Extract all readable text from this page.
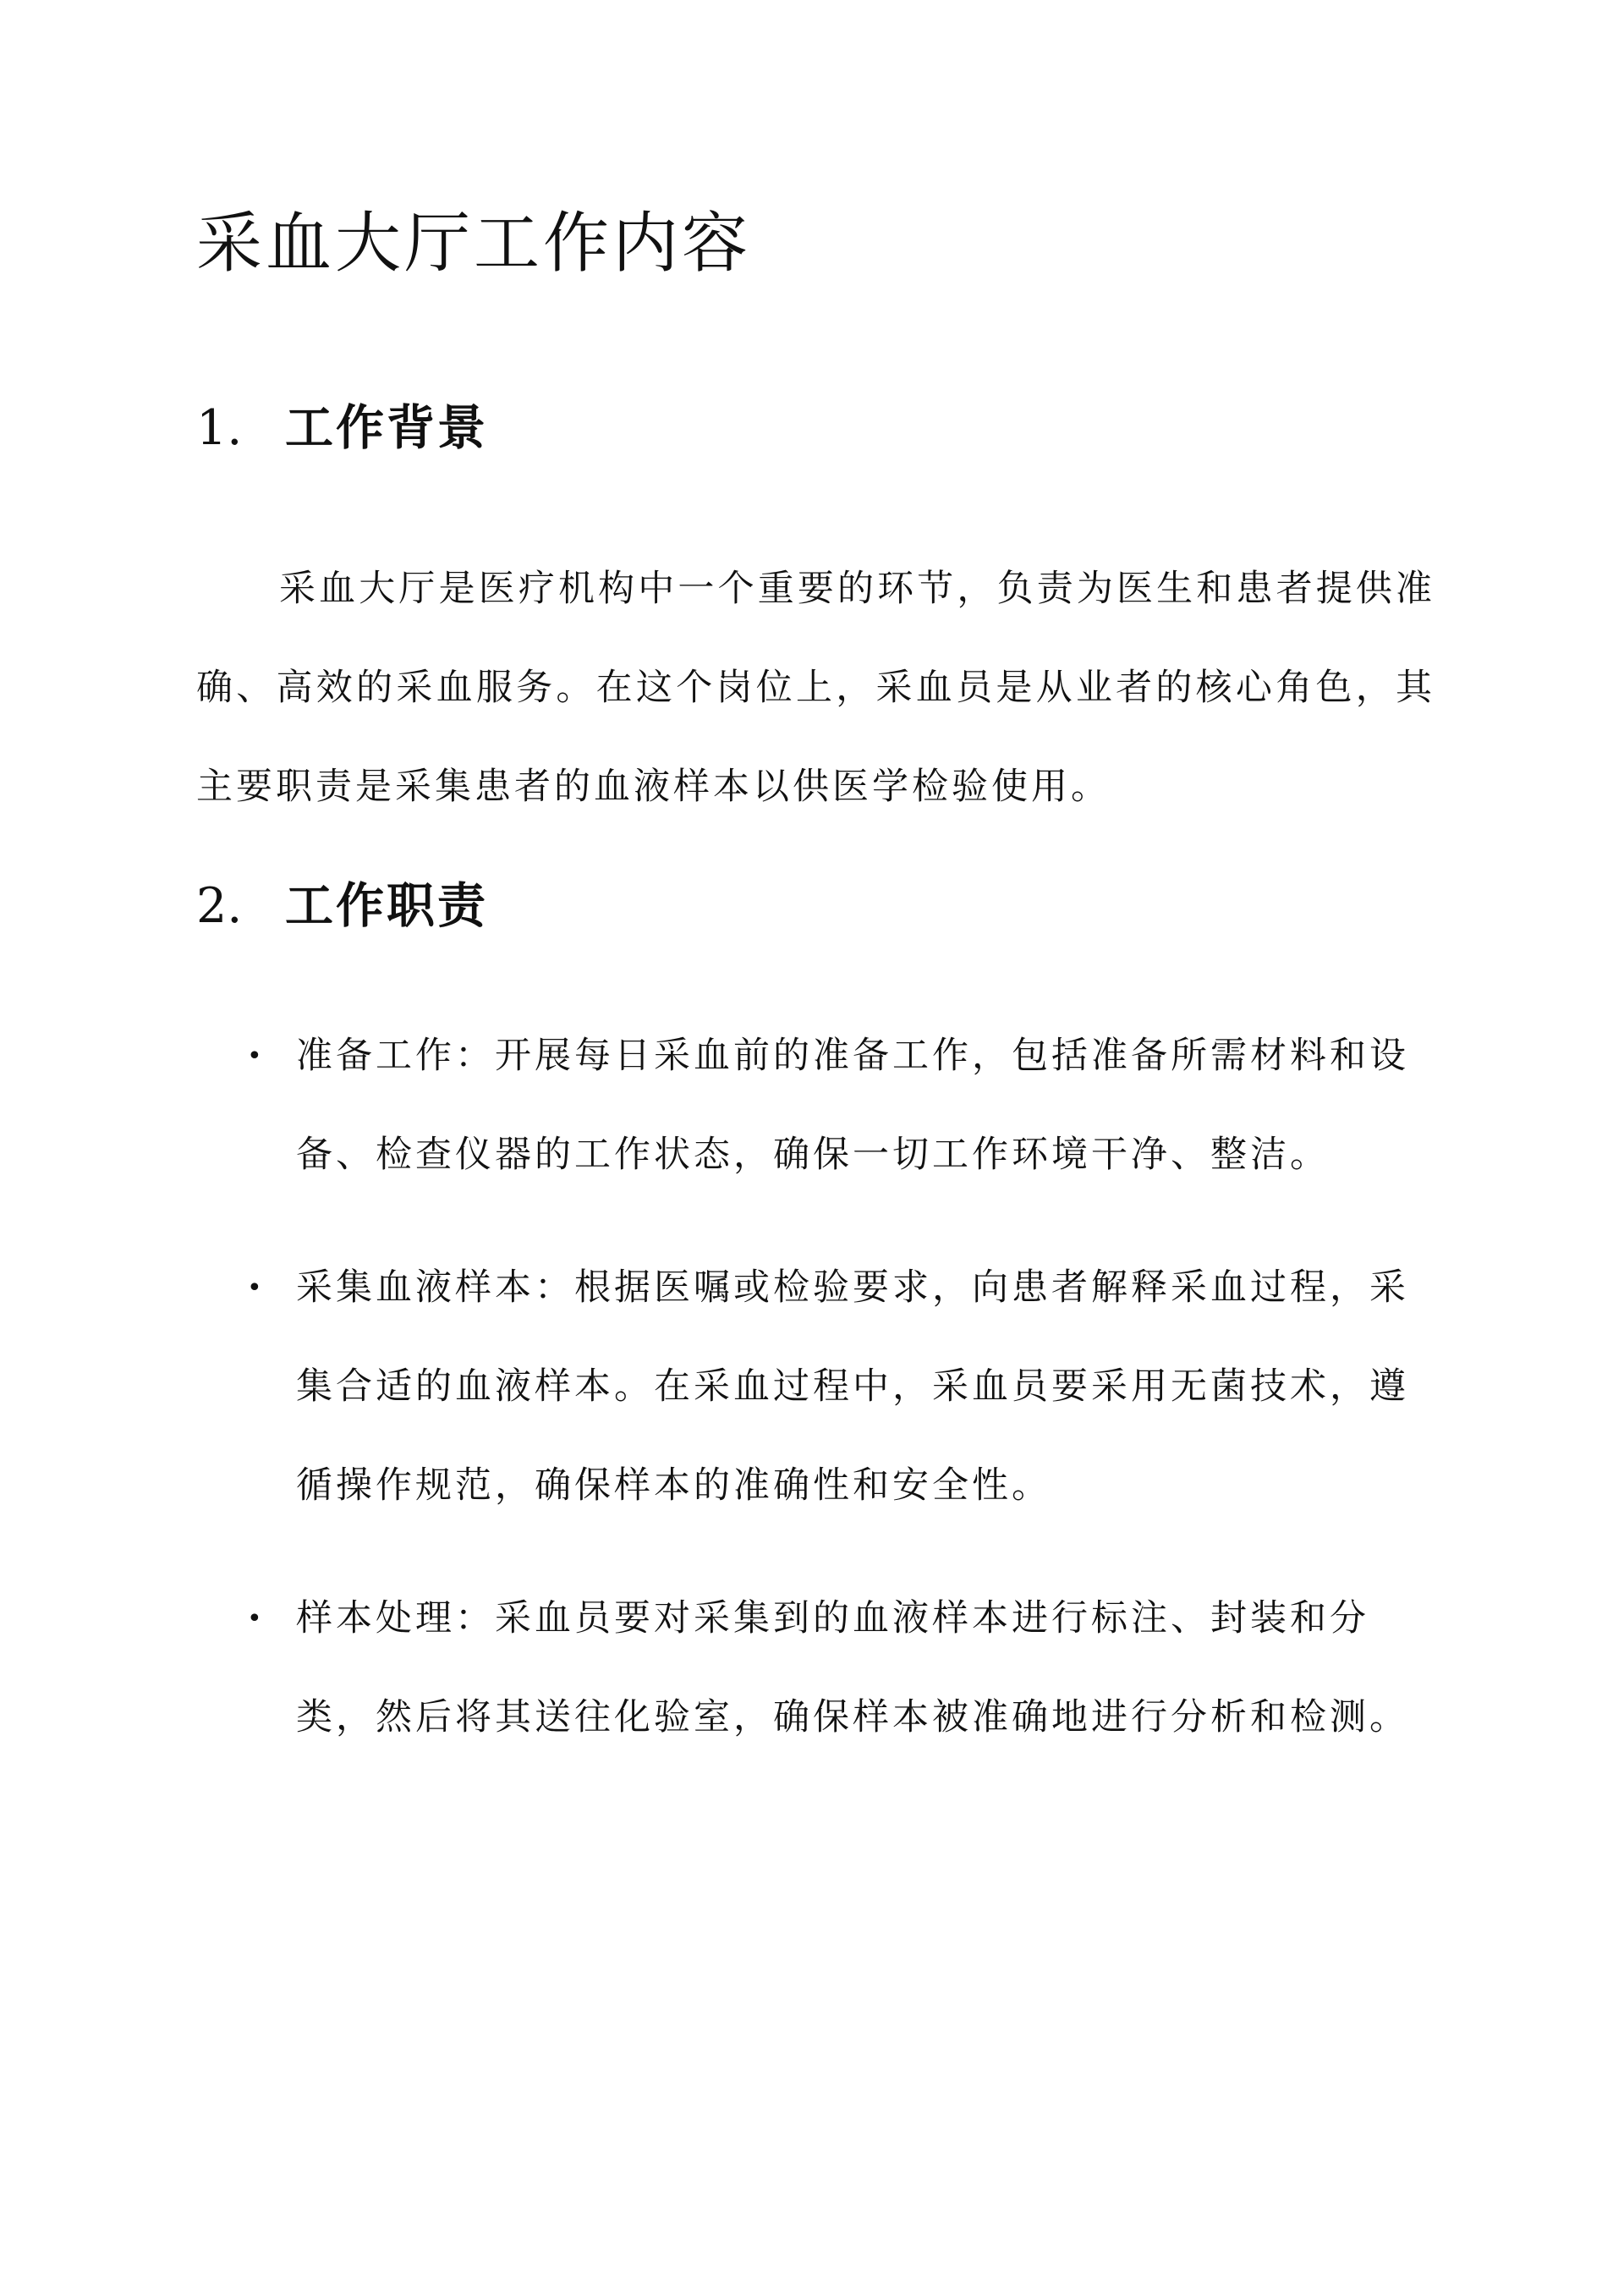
采血大厅工作内容
1. 工作背景

采血大厅是医疗机构中一个重要的环节，负责为医生和患者提供准确、高效的采血服务。在这个岗位上，采血员是从业者的核心角色，其主要职责是采集患者的血液样本以供医学检验使用。

2. 工作职责
• 准备工作：开展每日采血前的准备工作，包括准备所需材料和设备、检查仪器的工作状态，确保一切工作环境干净、整洁。
• 采集血液样本：根据医嘱或检验要求，向患者解释采血过程，采集合适的血液样本。在采血过程中，采血员要采用无菌技术，遵循操作规范，确保样本的准确性和安全性。
• 样本处理：采血员要对采集到的血液样本进行标注、封装和分类，然后将其送往化验室，确保样本被准确地进行分析和检测。
